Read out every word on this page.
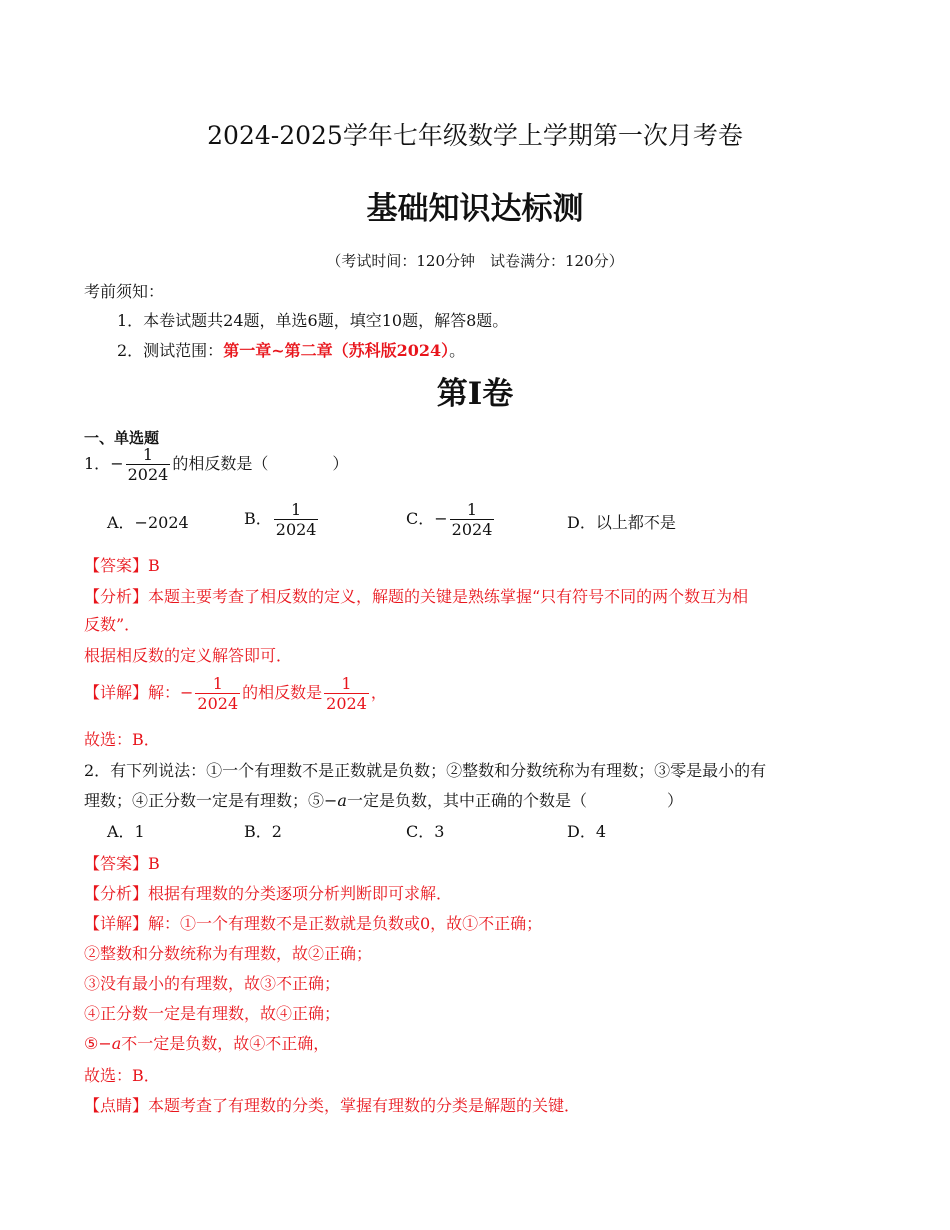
2024-2025学年七年级数学上学期第一次月考卷
基础知识达标测
（考试时间：120分钟　试卷满分：120分）
考前须知：
1．本卷试题共24题，单选6题，填空10题，解答8题。
2．测试范围：第一章~第二章（苏科版2024）。
第Ⅰ卷
一、单选题
1．− $\frac{1}{2024}$ 的相反数是（　　　　）
A．−2024	B． $\frac{1}{2024}$	C．− $\frac{1}{2024}$	D．以上都不是
【答案】B
【分析】本题主要考查了相反数的定义，解题的关键是熟练掌握“只有符号不同的两个数互为相
反数”．
根据相反数的定义解答即可．
【详解】解：− $\frac{1}{2024}$ 的相反数是 $\frac{1}{2024}$ ，
故选：B．
2．有下列说法：①一个有理数不是正数就是负数；②整数和分数统称为有理数；③零是最小的有
理数；④正分数一定是有理数；⑤−a一定是负数，其中正确的个数是（　　　　　）
A．1	B．2	C．3	D．4
【答案】B
【分析】根据有理数的分类逐项分析判断即可求解．
【详解】解：①一个有理数不是正数就是负数或0，故①不正确；
②整数和分数统称为有理数，故②正确；
③没有最小的有理数，故③不正确；
④正分数一定是有理数，故④正确；
⑤−a不一定是负数，故④不正确，
故选：B．
【点睛】本题考查了有理数的分类，掌握有理数的分类是解题的关键．
